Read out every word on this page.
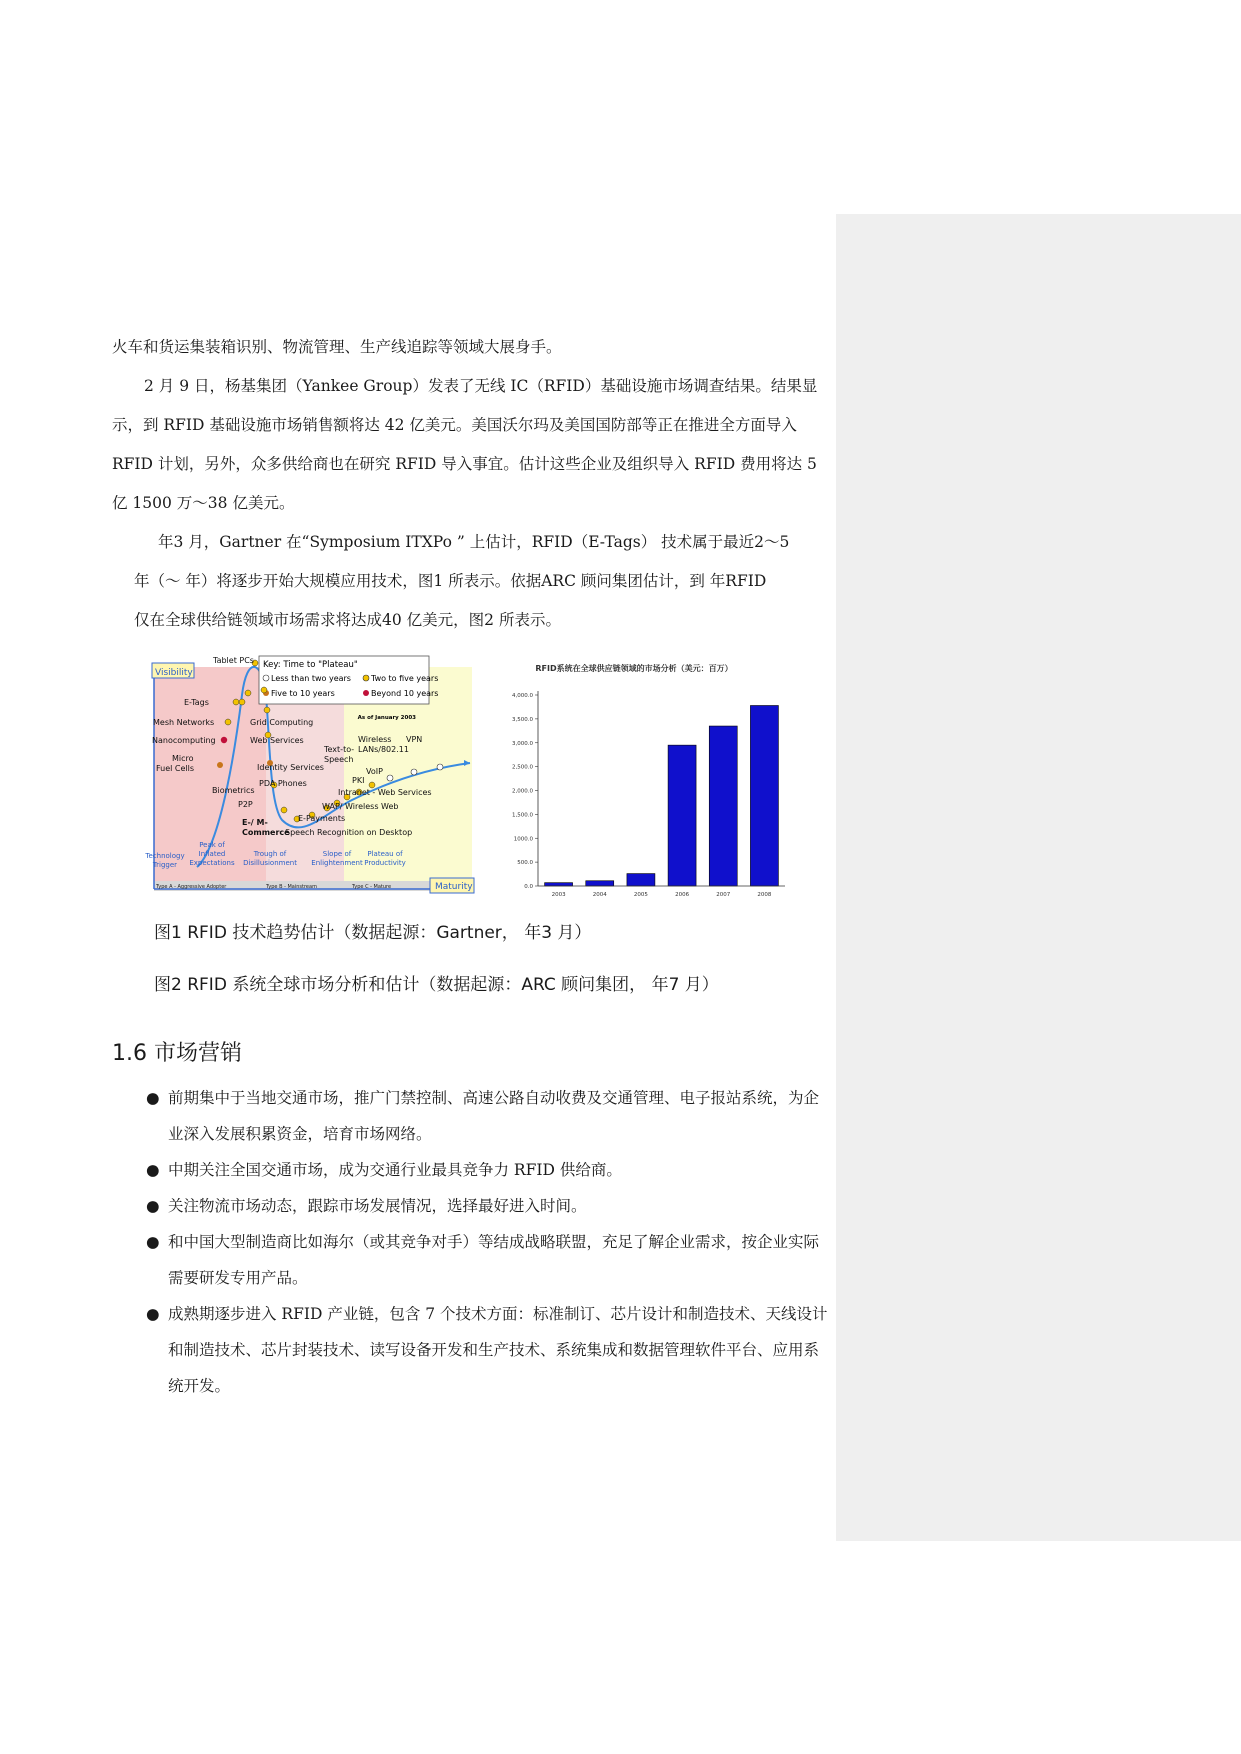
火车和货运集装箱识别、物流管理、生产线追踪等领域大展身手。

2 月 9 日，杨基集团（Yankee Group）发表了无线 IC（RFID）基础设施市场调查结果。结果显示，到 RFID 基础设施市场销售额将达 42 亿美元。美国沃尔玛及美国国防部等正在推进全方面导入 RFID 计划，另外，众多供给商也在研究 RFID 导入事宜。估计这些企业及组织导入 RFID 费用将达 5 亿 1500 万～38 亿美元。

年3 月，Gartner 在“Symposium ITXPo ” 上估计，RFID（E-Tags） 技术属于最近2～5

年（～ 年）将逐步开始大规模应用技术，图1 所表示。依据ARC 顾问集团估计，到 年RFID

仅在全球供给链领域市场需求将达成40 亿美元，图2 所表示。

Visibility
Maturity
Key: Time to "Plateau"
Less than two years	Two to five years
Five to 10 years	Beyond 10 years
As of January 2003
Tablet PCs
E-Tags
Mesh Networks
Nanocomputing
Micro
Fuel Cells
Grid Computing
Web Services
Identity Services
Biometrics
PDA Phones
P2P
E-/ M-
Commerce
E-Payments
Speech Recognition on Desktop
WAP/ Wireless Web
Intranet - Web Services
PKI
VoIP
Text-to-
Speech
Wireless
LANs/802.11
VPN
Technology
Trigger
Peak of
Inflated
Expectations
Trough of
Disillusionment
Slope of
Enlightenment
Plateau of
Productivity
Type A - Aggressive Adopter	Type B - Mainstream	Type C - Mature
RFID系统在全球供应链领域的市场分析（美元：百万）
4,000.0
3,500.0
3,000.0
2,500.0
2,000.0
1,500.0
1000.0
500.0
0.0
2003	2004	2005	2006	2007	2008
图1 RFID 技术趋势估计（数据起源：Gartner， 年3 月）
图2 RFID 系统全球市场分析和估计（数据起源：ARC 顾问集团， 年7 月）
1.6 市场营销
● 前期集中于当地交通市场，推广门禁控制、高速公路自动收费及交通管理、电子报站系统，为企业深入发展积累资金，培育市场网络。
● 中期关注全国交通市场，成为交通行业最具竞争力 RFID 供给商。
● 关注物流市场动态，跟踪市场发展情况，选择最好进入时间。
● 和中国大型制造商比如海尔（或其竞争对手）等结成战略联盟，充足了解企业需求，按企业实际需要研发专用产品。
● 成熟期逐步进入 RFID 产业链，包含 7 个技术方面：标准制订、芯片设计和制造技术、天线设计和制造技术、芯片封装技术、读写设备开发和生产技术、系统集成和数据管理软件平台、应用系统开发。
